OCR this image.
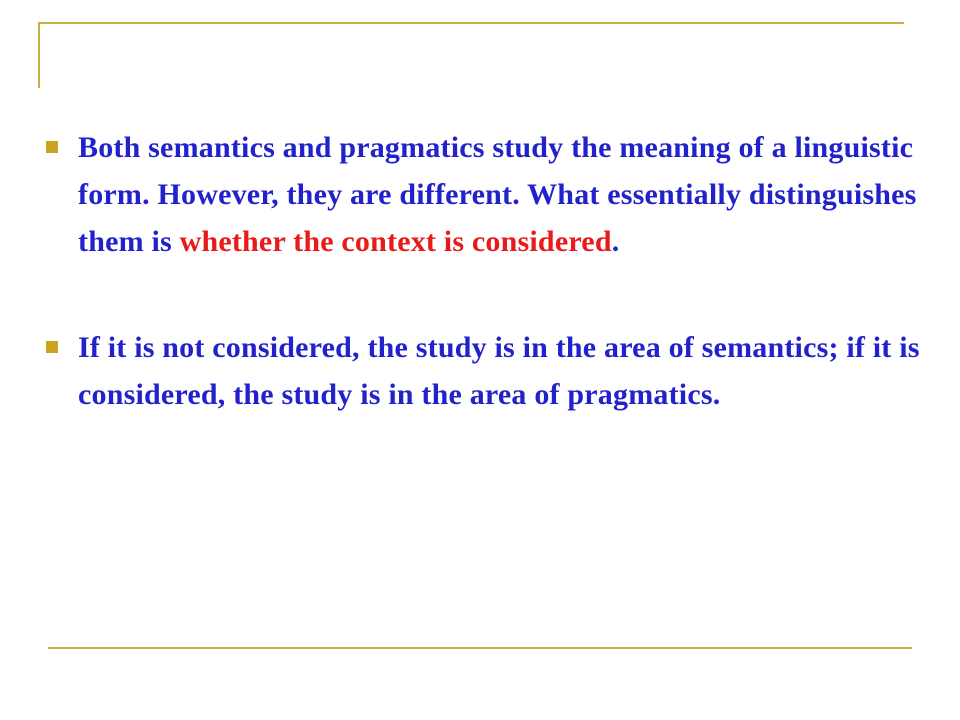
Both semantics and pragmatics study the meaning of a linguistic form. However, they are different. What essentially distinguishes them is whether the context is considered.

If it is not considered, the study is in the area of semantics; if it is considered, the study is in the area of pragmatics.
